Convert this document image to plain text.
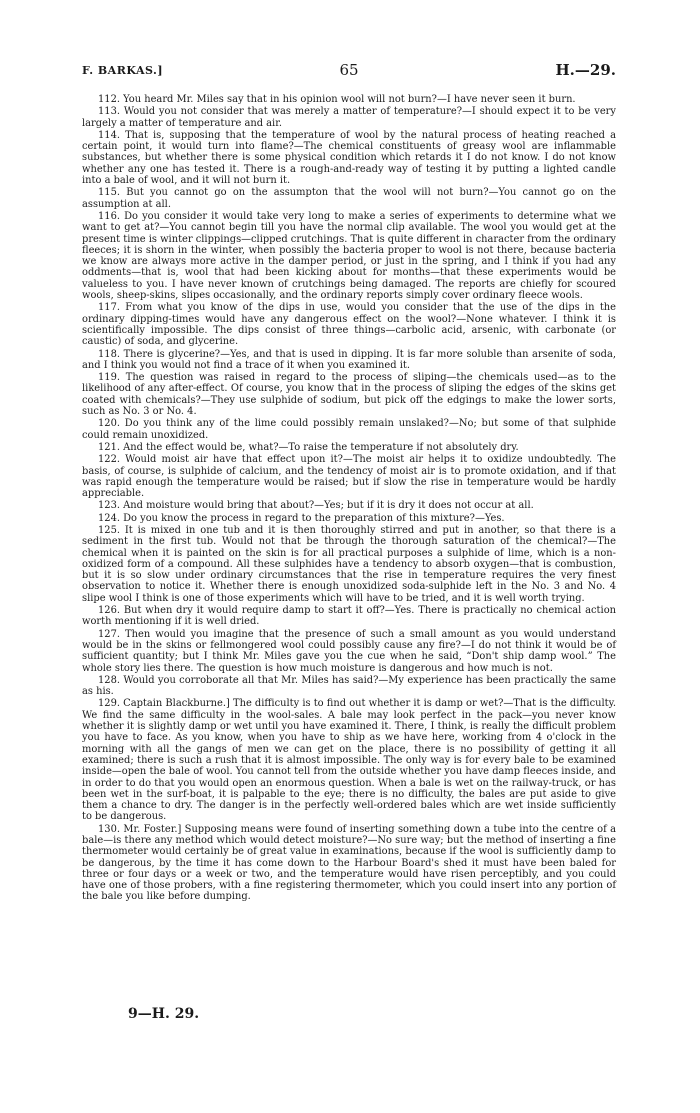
F. BARKAS.]	65	H.—29.

112. You heard Mr. Miles say that in his opinion wool will not burn?—I have never seen it burn.

113. Would you not consider that was merely a matter of temperature?—I should expect it to be very largely a matter of temperature and air.

114. That is, supposing that the temperature of wool by the natural process of heating reached a certain point, it would turn into flame?—The chemical constituents of greasy wool are inflammable substances, but whether there is some physical condition which retards it I do not know. I do not know whether any one has tested it. There is a rough-and-ready way of testing it by putting a lighted candle into a bale of wool, and it will not burn it.

115. But you cannot go on the assumpton that the wool will not burn?—You cannot go on the assumption at all.

116. Do you consider it would take very long to make a series of experiments to determine what we want to get at?—You cannot begin till you have the normal clip available. The wool you would get at the present time is winter clippings—clipped crutchings. That is quite different in character from the ordinary fleeces; it is shorn in the winter, when possibly the bacteria proper to wool is not there, because bacteria we know are always more active in the damper period, or just in the spring, and I think if you had any oddments—that is, wool that had been kicking about for months—that these experiments would be valueless to you. I have never known of crutchings being damaged. The reports are chiefly for scoured wools, sheep-skins, slipes occasionally, and the ordinary reports simply cover ordinary fleece wools.

117. From what you know of the dips in use, would you consider that the use of the dips in the ordinary dipping-times would have any dangerous effect on the wool?—None whatever. I think it is scientifically impossible. The dips consist of three things—carbolic acid, arsenic, with carbonate (or caustic) of soda, and glycerine.

118. There is glycerine?—Yes, and that is used in dipping. It is far more soluble than arsenite of soda, and I think you would not find a trace of it when you examined it.

119. The question was raised in regard to the process of sliping—the chemicals used—as to the likelihood of any after-effect. Of course, you know that in the process of sliping the edges of the skins get coated with chemicals?—They use sulphide of sodium, but pick off the edgings to make the lower sorts, such as No. 3 or No. 4.

120. Do you think any of the lime could possibly remain unslaked?—No; but some of that sulphide could remain unoxidized.

121. And the effect would be, what?—To raise the temperature if not absolutely dry.

122. Would moist air have that effect upon it?—The moist air helps it to oxidize undoubtedly. The basis, of course, is sulphide of calcium, and the tendency of moist air is to promote oxidation, and if that was rapid enough the temperature would be raised; but if slow the rise in temperature would be hardly appreciable.

123. And moisture would bring that about?—Yes; but if it is dry it does not occur at all.

124. Do you know the process in regard to the preparation of this mixture?—Yes.

125. It is mixed in one tub and it is then thoroughly stirred and put in another, so that there is a sediment in the first tub. Would not that be through the thorough saturation of the chemical?—The chemical when it is painted on the skin is for all practical purposes a sulphide of lime, which is a non-oxidized form of a compound. All these sulphides have a tendency to absorb oxygen—that is combustion, but it is so slow under ordinary circumstances that the rise in temperature requires the very finest observation to notice it. Whether there is enough unoxidized soda-sulphide left in the No. 3 and No. 4 slipe wool I think is one of those experiments which will have to be tried, and it is well worth trying.

126. But when dry it would require damp to start it off?—Yes. There is practically no chemical action worth mentioning if it is well dried.

127. Then would you imagine that the presence of such a small amount as you would understand would be in the skins or fellmongered wool could possibly cause any fire?—I do not think it would be of sufficient quantity; but I think Mr. Miles gave you the cue when he said, “Don't ship damp wool.” The whole story lies there. The question is how much moisture is dangerous and how much is not.

128. Would you corroborate all that Mr. Miles has said?—My experience has been practically the same as his.

129. Captain Blackburne.] The difficulty is to find out whether it is damp or wet?—That is the difficulty. We find the same difficulty in the wool-sales. A bale may look perfect in the pack—you never know whether it is slightly damp or wet until you have examined it. There, I think, is really the difficult problem you have to face. As you know, when you have to ship as we have here, working from 4 o'clock in the morning with all the gangs of men we can get on the place, there is no possibility of getting it all examined; there is such a rush that it is almost impossible. The only way is for every bale to be examined inside—open the bale of wool. You cannot tell from the outside whether you have damp fleeces inside, and in order to do that you would open an enormous question. When a bale is wet on the railway-truck, or has been wet in the surf-boat, it is palpable to the eye; there is no difficulty, the bales are put aside to give them a chance to dry. The danger is in the perfectly well-ordered bales which are wet inside sufficiently to be dangerous.

130. Mr. Foster.] Supposing means were found of inserting something down a tube into the centre of a bale—is there any method which would detect moisture?—No sure way; but the method of inserting a fine thermometer would certainly be of great value in examinations, because if the wool is sufficiently damp to be dangerous, by the time it has come down to the Harbour Board's shed it must have been baled for three or four days or a week or two, and the temperature would have risen perceptibly, and you could have one of those probers, with a fine registering thermometer, which you could insert into any portion of the bale you like before dumping.

9—H. 29.
